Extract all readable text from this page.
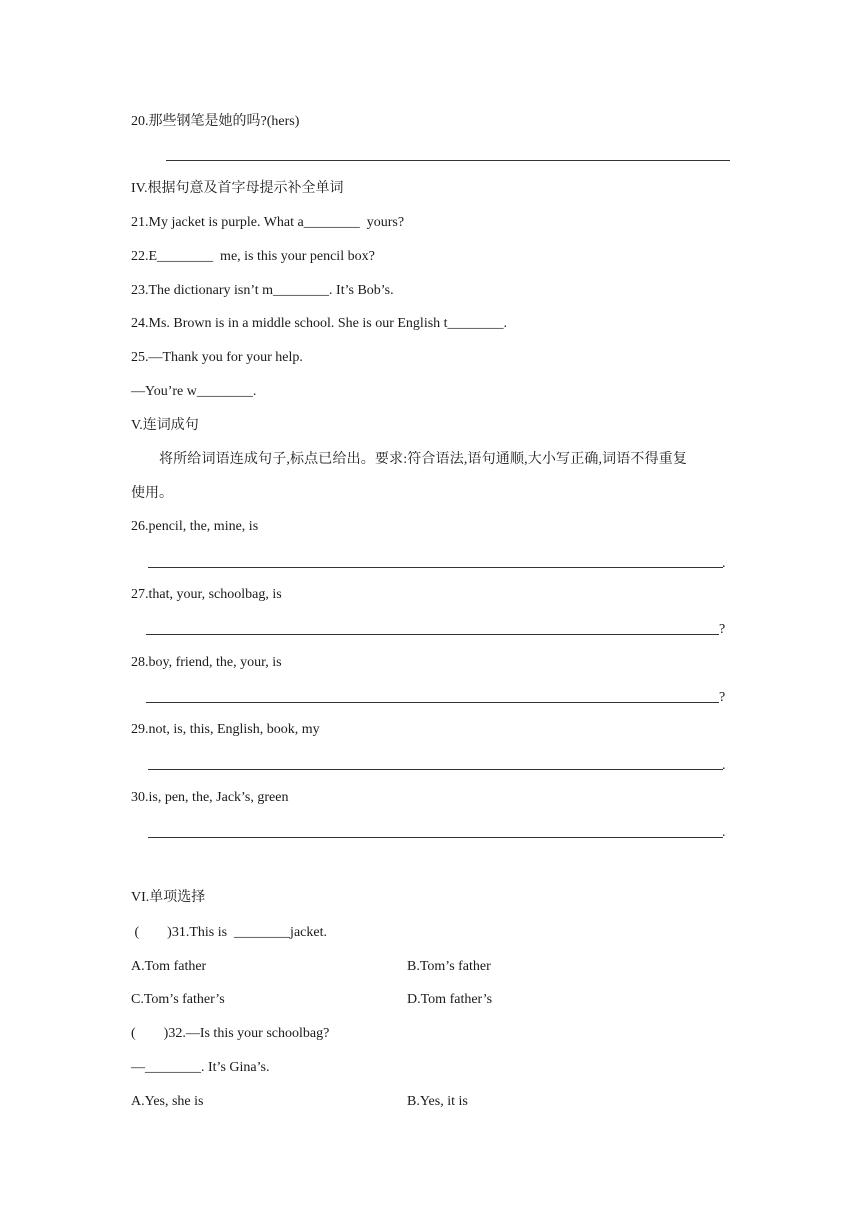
20.那些钢笔是她的吗?(hers)
IV.根据句意及首字母提示补全单词
21.My jacket is purple. What a________  yours?
22.E________  me, is this your pencil box?
23.The dictionary isn’t m________. It’s Bob’s.
24.Ms. Brown is in a middle school. She is our English t________.
25.—Thank you for your help.
—You’re w________.
V.连词成句
将所给词语连成句子,标点已给出。要求:符合语法,语句通顺,大小写正确,词语不得重复
使用。
26.pencil, the, mine, is
.
27.that, your, schoolbag, is
?
28.boy, friend, the, your, is
?
29.not, is, this, English, book, my
.
30.is, pen, the, Jack’s, green
.
VI.单项选择
(        )31.This is  ________jacket.
A.Tom father	B.Tom’s father
C.Tom’s father’s	D.Tom father’s
(        )32.—Is this your schoolbag?
—________. It’s Gina’s.
A.Yes, she is	B.Yes, it is
